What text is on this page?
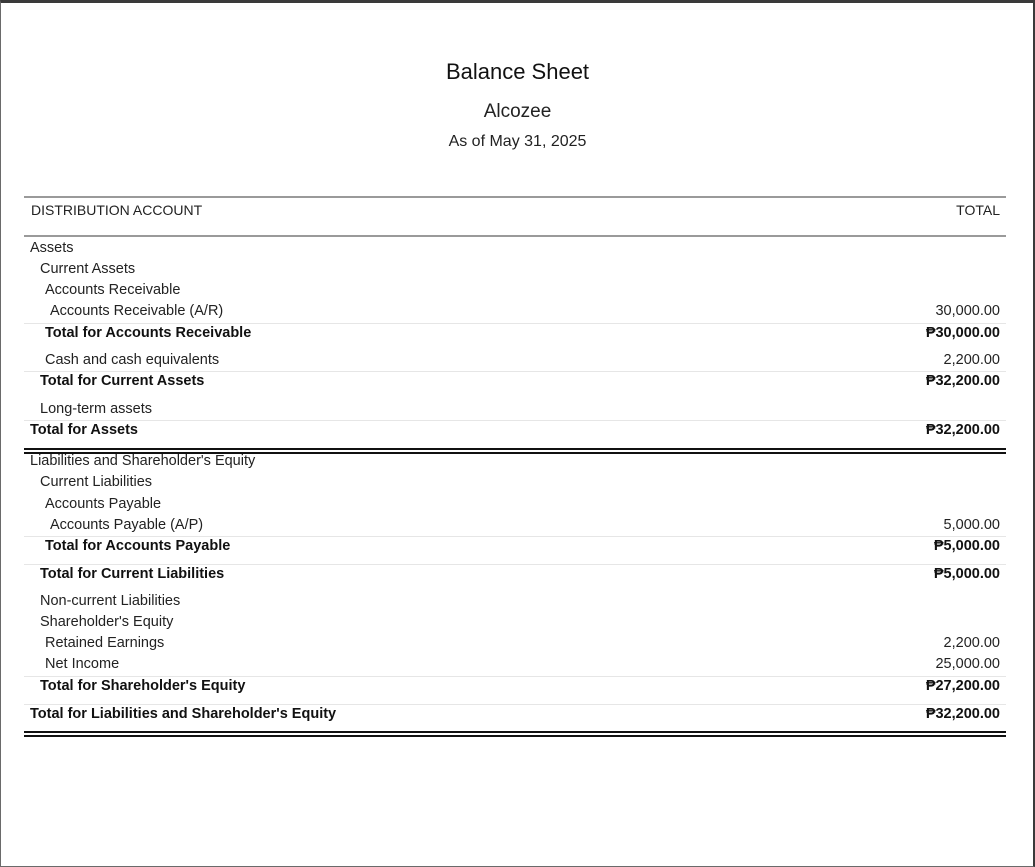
Balance Sheet
Alcozee
As of May 31, 2025
DISTRIBUTION ACCOUNT	TOTAL
Assets
Current Assets
Accounts Receivable
Accounts Receivable (A/R)	30,000.00
Total for Accounts Receivable	₱30,000.00
Cash and cash equivalents	2,200.00
Total for Current Assets	₱32,200.00
Long-term assets
Total for Assets	₱32,200.00
Liabilities and Shareholder's Equity
Current Liabilities
Accounts Payable
Accounts Payable (A/P)	5,000.00
Total for Accounts Payable	₱5,000.00
Total for Current Liabilities	₱5,000.00
Non-current Liabilities
Shareholder's Equity
Retained Earnings	2,200.00
Net Income	25,000.00
Total for Shareholder's Equity	₱27,200.00
Total for Liabilities and Shareholder's Equity	₱32,200.00
